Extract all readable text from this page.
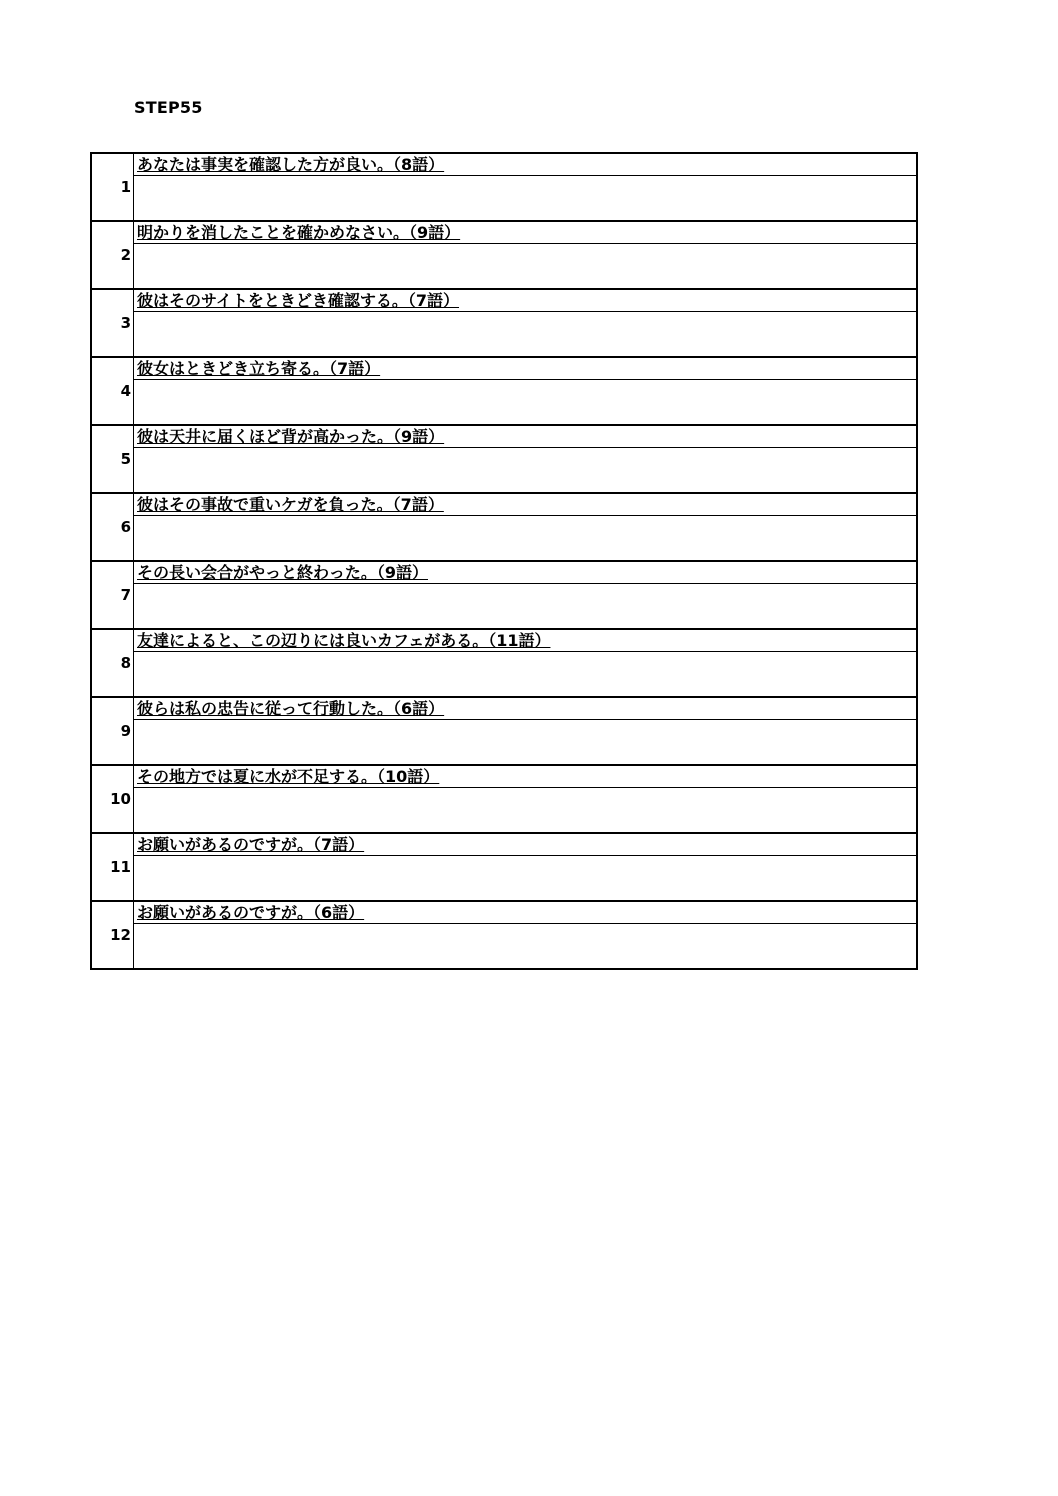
STEP55
1	あなたは事実を確認した方が良い。（8語）

2	明かりを消したことを確かめなさい。（9語）

3	彼はそのサイトをときどき確認する。（7語）

4	彼女はときどき立ち寄る。（7語）

5	彼は天井に届くほど背が高かった。（9語）

6	彼はその事故で重いケガを負った。（7語）

7	その長い会合がやっと終わった。（9語）

8	友達によると、この辺りには良いカフェがある。（11語）

9	彼らは私の忠告に従って行動した。（6語）

10	その地方では夏に水が不足する。（10語）

11	お願いがあるのですが。（7語）

12	お願いがあるのですが。（6語）
